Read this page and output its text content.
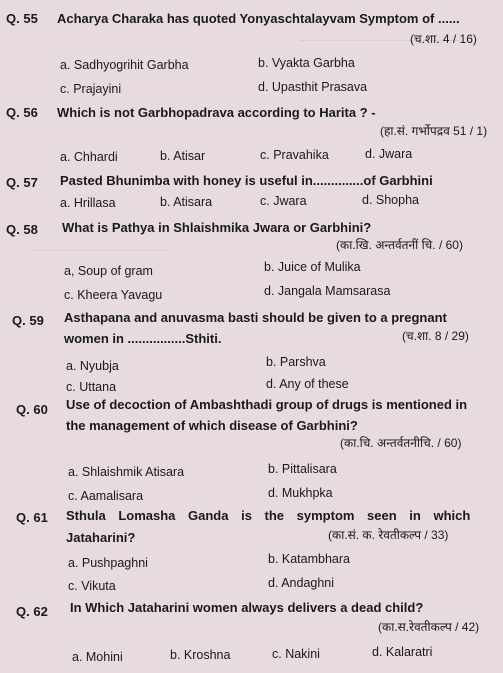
Q. 55 Acharya Charaka has quoted Yonyaschtalayvam Symptom of ......
(च.शा. 4 / 16)
a. Sadhyogrihit Garbha	b. Vyakta Garbha
c. Prajayini	d. Upasthit Prasava
Q. 56 Which is not Garbhopadrava according to Harita ? -
(हा.सं. गर्भोपद्रव 51 / 1)
a. Chhardi	b. Atisar	c. Pravahika	d. Jwara
Q. 57 Pasted Bhunimba with honey is useful in..............of Garbhini
a. Hrillasa	b. Atisara	c. Jwara	d. Shopha
Q. 58 What is Pathya in Shlaishmika Jwara or Garbhini?
(का.खि. अन्तर्वतनीं चि. / 60)
a, Soup of gram	b. Juice of Mulika
c. Kheera Yavagu	d. Jangala Mamsarasa
Q. 59 Asthapana and anuvasma basti should be given to a pregnant
women in ................Sthiti.	(च.शा. 8 / 29)
a. Nyubja	b. Parshva
c. Uttana	d. Any of these
Q. 60 Use of decoction of Ambashthadi group of drugs is mentioned in
the management of which disease of Garbhini?
(का.चि. अन्तर्वतनीचि. / 60)
a. Shlaishmik Atisara	b. Pittalisara
c. Aamalisara	d. Mukhpka
Q. 61 Sthula Lomasha Ganda is the symptom seen in which
Jataharini?	(का.सं. क. रेवतीकल्प / 33)
a. Pushpaghni	b. Katambhara
c. Vikuta	d. Andaghni
Q. 62 In Which Jataharini women always delivers a dead child?
(का.स.रेवतीकल्प / 42)
a. Mohini	b. Kroshna	c. Nakini	d. Kalaratri
